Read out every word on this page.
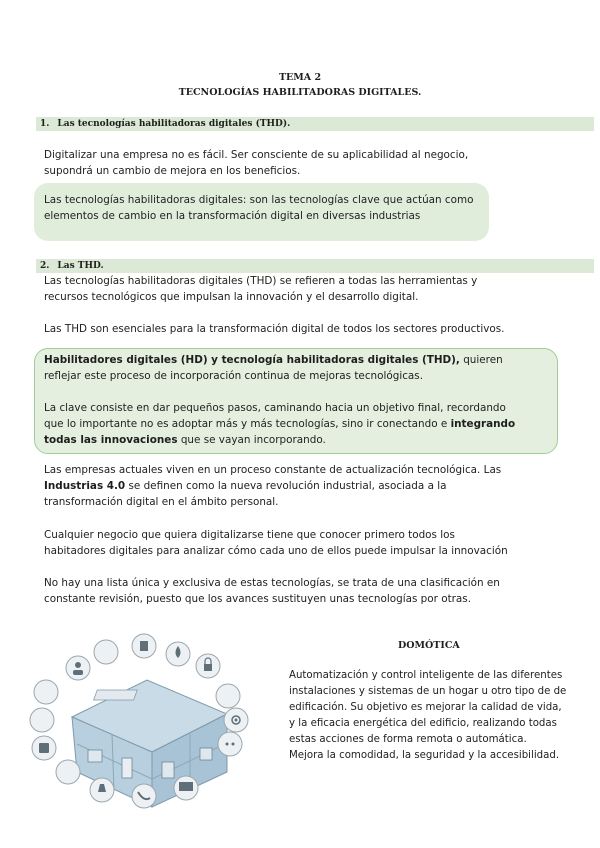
TEMA 2
TECNOLOGÍAS HABILITADORAS DIGITALES.
1. Las tecnologías habilitadoras digitales (THD).

Digitalizar una empresa no es fácil. Ser consciente de su aplicabilidad al negocio,
supondrá un cambio de mejora en los beneficios.

Las tecnologías habilitadoras digitales: son las tecnologías clave que actúan como
elementos de cambio en la transformación digital en diversas industrias

2. Las THD.

Las tecnologías habilitadoras digitales (THD) se refieren a todas las herramientas y
recursos tecnológicos que impulsan la innovación y el desarrollo digital.

Las THD son esenciales para la transformación digital de todos los sectores productivos.

Habilitadores digitales (HD) y tecnología habilitadoras digitales (THD), quieren
reflejar este proceso de incorporación continua de mejoras tecnológicas.

La clave consiste en dar pequeños pasos, caminando hacia un objetivo final, recordando
que lo importante no es adoptar más y más tecnologías, sino ir conectando e integrando
todas las innovaciones que se vayan incorporando.

Las empresas actuales viven en un proceso constante de actualización tecnológica. Las
Industrias 4.0 se definen como la nueva revolución industrial, asociada a la
transformación digital en el ámbito personal.

Cualquier negocio que quiera digitalizarse tiene que conocer primero todos los
habitadores digitales para analizar cómo cada uno de ellos puede impulsar la innovación

No hay una lista única y exclusiva de estas tecnologías, se trata de una clasificación en
constante revisión, puesto que los avances sustituyen unas tecnologías por otras.

DOMÓTICA

Automatización y control inteligente de las diferentes
instalaciones y sistemas de un hogar u otro tipo de de
edificación. Su objetivo es mejorar la calidad de vida,
y la eficacia energética del edificio, realizando todas
estas acciones de forma remota o automática.
Mejora la comodidad, la seguridad y la accesibilidad.
